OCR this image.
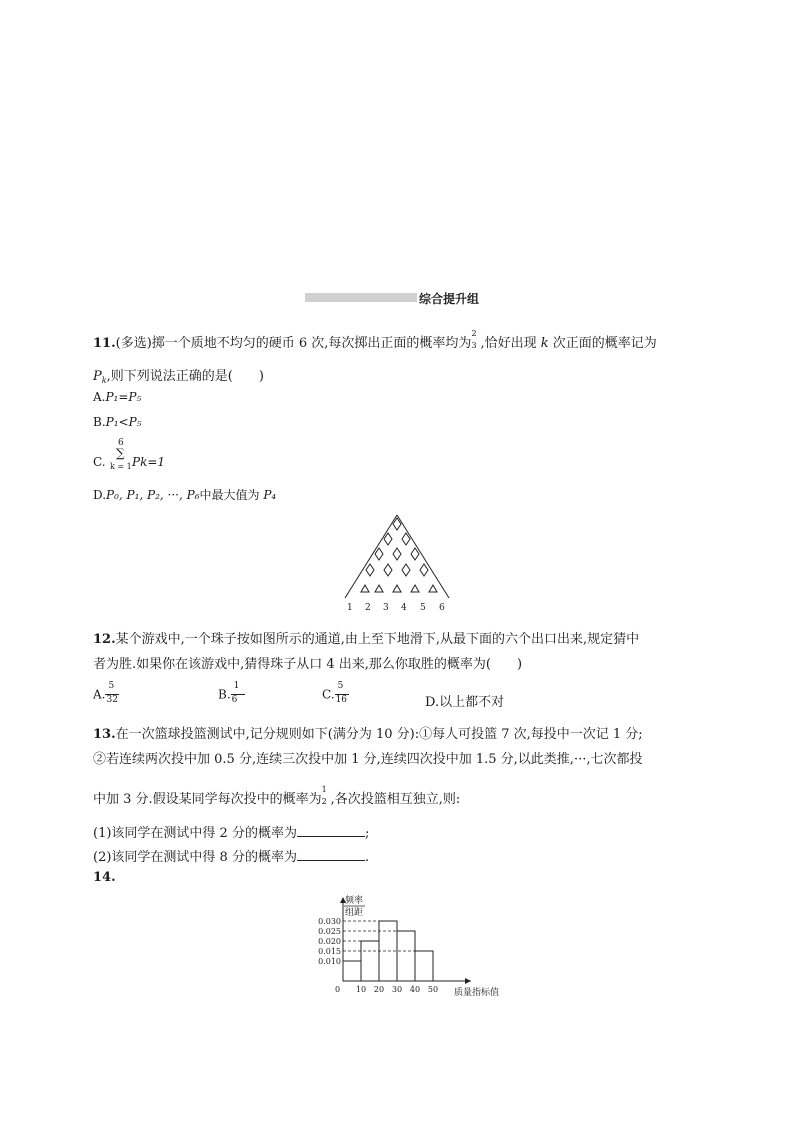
综合提升组
11.(多选)掷一个质地不均匀的硬币 6 次,每次掷出正面的概率均为
2
3 ,恰好出现 k 次正面的概率记为
$P_k$,则下列说法正确的是(　　)
A.P₁=P₅
B.P₁<P₅
C.
6
∑
k = 1 Pk=1
D.P₀, P₁, P₂, ···, P₆中最大值为 P₄
1 2 3 4 5 6
12.某个游戏中,一个珠子按如图所示的通道,由上至下地滑下,从最下面的六个出口出来,规定猜中
者为胜.如果你在该游戏中,猜得珠子从口 4 出来,那么你取胜的概率为(　　)
A. $\frac{5}{32}$	B. $\frac{1}{6}$	C. $\frac{5}{16}$	D.以上都不对
13.在一次篮球投篮测试中,记分规则如下(满分为 10 分):①每人可投篮 7 次,每投中一次记 1 分;
②若连续两次投中加 0.5 分,连续三次投中加 1 分,连续四次投中加 1.5 分,以此类推,···,七次都投
中加 3 分.假设某同学每次投中的概率为
1
2 ,各次投篮相互独立,则:
(1)该同学在测试中得 2 分的概率为	;
(2)该同学在测试中得 8 分的概率为	.
14.
0.030
0.025
0.020
0.015
0.010
10 20 30 40 50
0
频率
组距
质量指标值
